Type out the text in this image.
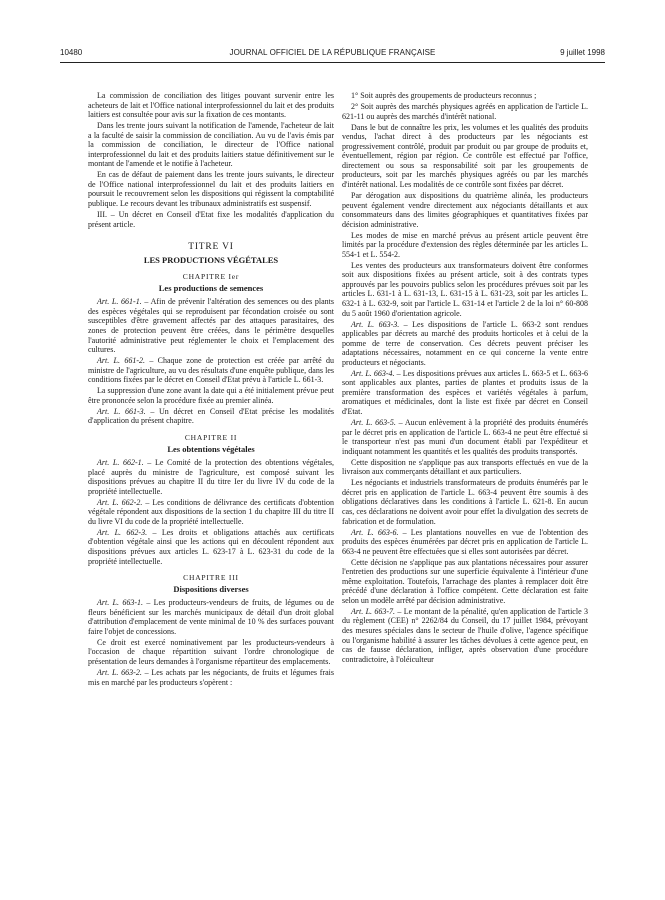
10480	JOURNAL OFFICIEL DE LA RÉPUBLIQUE FRANÇAISE	9 juillet 1998

La commission de conciliation des litiges pouvant survenir entre les acheteurs de lait et l'Office national interprofessionnel du lait et des produits laitiers est consultée pour avis sur la fixation de ces montants.

Dans les trente jours suivant la notification de l'amende, l'acheteur de lait a la faculté de saisir la commission de conciliation. Au vu de l'avis émis par la commission de conciliation, le directeur de l'Office national interprofessionnel du lait et des produits laitiers statue définitivement sur le montant de l'amende et le notifie à l'acheteur.

En cas de défaut de paiement dans les trente jours suivants, le directeur de l'Office national interprofessionnel du lait et des produits laitiers en poursuit le recouvrement selon les dispositions qui régissent la comptabilité publique. Le recours devant les tribunaux administratifs est suspensif.

III. – Un décret en Conseil d'Etat fixe les modalités d'application du présent article.

TITRE VI
LES PRODUCTIONS VÉGÉTALES
CHAPITRE Ier
Les productions de semences

Art. L. 661-1. – Afin de prévenir l'altération des semences ou des plants des espèces végétales qui se reproduisent par fécondation croisée ou sont susceptibles d'être gravement affectés par des attaques parasitaires, des zones de protection peuvent être créées, dans le périmètre desquelles l'autorité administrative peut réglementer le choix et l'emplacement des cultures.

Art. L. 661-2. – Chaque zone de protection est créée par arrêté du ministre de l'agriculture, au vu des résultats d'une enquête publique, dans les conditions fixées par le décret en Conseil d'Etat prévu à l'article L. 661-3.

La suppression d'une zone avant la date qui a été initialement prévue peut être prononcée selon la procédure fixée au premier alinéa.

Art. L. 661-3. – Un décret en Conseil d'Etat précise les modalités d'application du présent chapitre.

CHAPITRE II
Les obtentions végétales

Art. L. 662-1. – Le Comité de la protection des obtentions végétales, placé auprès du ministre de l'agriculture, est composé suivant les dispositions prévues au chapitre II du titre Ier du livre IV du code de la propriété intellectuelle.

Art. L. 662-2. – Les conditions de délivrance des certificats d'obtention végétale répondent aux dispositions de la section 1 du chapitre III du titre II du livre VI du code de la propriété intellectuelle.

Art. L. 662-3. – Les droits et obligations attachés aux certificats d'obtention végétale ainsi que les actions qui en découlent répondent aux dispositions prévues aux articles L. 623-17 à L. 623-31 du code de la propriété intellectuelle.

CHAPITRE III
Dispositions diverses

Art. L. 663-1. – Les producteurs-vendeurs de fruits, de légumes ou de fleurs bénéficient sur les marchés municipaux de détail d'un droit global d'attribution d'emplacement de vente minimal de 10 % des surfaces pouvant faire l'objet de concessions.

Ce droit est exercé nominativement par les producteurs-vendeurs à l'occasion de chaque répartition suivant l'ordre chronologique de présentation de leurs demandes à l'organisme répartiteur des emplacements.

Art. L. 663-2. – Les achats par les négociants, de fruits et légumes frais mis en marché par les producteurs s'opèrent :

1° Soit auprès des groupements de producteurs reconnus ;

2° Soit auprès des marchés physiques agréés en application de l'article L. 621-11 ou auprès des marchés d'intérêt national.

Dans le but de connaître les prix, les volumes et les qualités des produits vendus, l'achat direct à des producteurs par les négociants est progressivement contrôlé, produit par produit ou par groupe de produits et, éventuellement, région par région. Ce contrôle est effectué par l'office, directement ou sous sa responsabilité soit par les groupements de producteurs, soit par les marchés physiques agréés ou par les marchés d'intérêt national. Les modalités de ce contrôle sont fixées par décret.

Par dérogation aux dispositions du quatrième alinéa, les producteurs peuvent également vendre directement aux négociants détaillants et aux consommateurs dans des limites géographiques et quantitatives fixées par décision administrative.

Les modes de mise en marché prévus au présent article peuvent être limités par la procédure d'extension des règles déterminée par les articles L. 554-1 et L. 554-2.

Les ventes des producteurs aux transformateurs doivent être conformes soit aux dispositions fixées au présent article, soit à des contrats types approuvés par les pouvoirs publics selon les procédures prévues soit par les articles L. 631-1 à L. 631-13, L. 631-15 à L. 631-23, soit par les articles L. 632-1 à L. 632-9, soit par l'article L. 631-14 et l'article 2 de la loi n° 60-808 du 5 août 1960 d'orientation agricole.

Art. L. 663-3. – Les dispositions de l'article L. 663-2 sont rendues applicables par décrets au marché des produits horticoles et à celui de la pomme de terre de conservation. Ces décrets peuvent préciser les adaptations nécessaires, notamment en ce qui concerne la vente entre producteurs et négociants.

Art. L. 663-4. – Les dispositions prévues aux articles L. 663-5 et L. 663-6 sont applicables aux plantes, parties de plantes et produits issus de la première transformation des espèces et variétés végétales à parfum, aromatiques et médicinales, dont la liste est fixée par décret en Conseil d'Etat.

Art. L. 663-5. – Aucun enlèvement à la propriété des produits énumérés par le décret pris en application de l'article L. 663-4 ne peut être effectué si le transporteur n'est pas muni d'un document établi par l'expéditeur et indiquant notamment les quantités et les qualités des produits transportés.

Cette disposition ne s'applique pas aux transports effectués en vue de la livraison aux commerçants détaillant et aux particuliers.

Les négociants et industriels transformateurs de produits énumérés par le décret pris en application de l'article L. 663-4 peuvent être soumis à des obligations déclaratives dans les conditions à l'article L. 621-8. En aucun cas, ces déclarations ne doivent avoir pour effet la divulgation des secrets de fabrication et de formulation.

Art. L. 663-6. – Les plantations nouvelles en vue de l'obtention des produits des espèces énumérées par décret pris en application de l'article L. 663-4 ne peuvent être effectuées que si elles sont autorisées par décret.

Cette décision ne s'applique pas aux plantations nécessaires pour assurer l'entretien des productions sur une superficie équivalente à l'intérieur d'une même exploitation. Toutefois, l'arrachage des plantes à remplacer doit être précédé d'une déclaration à l'office compétent. Cette déclaration est faite selon un modèle arrêté par décision administrative.

Art. L. 663-7. – Le montant de la pénalité, qu'en application de l'article 3 du règlement (CEE) n° 2262/84 du Conseil, du 17 juillet 1984, prévoyant des mesures spéciales dans le secteur de l'huile d'olive, l'agence spécifique ou l'organisme habilité à assurer les tâches dévolues à cette agence peut, en cas de fausse déclaration, infliger, après observation d'une procédure contradictoire, à l'oléiculteur
